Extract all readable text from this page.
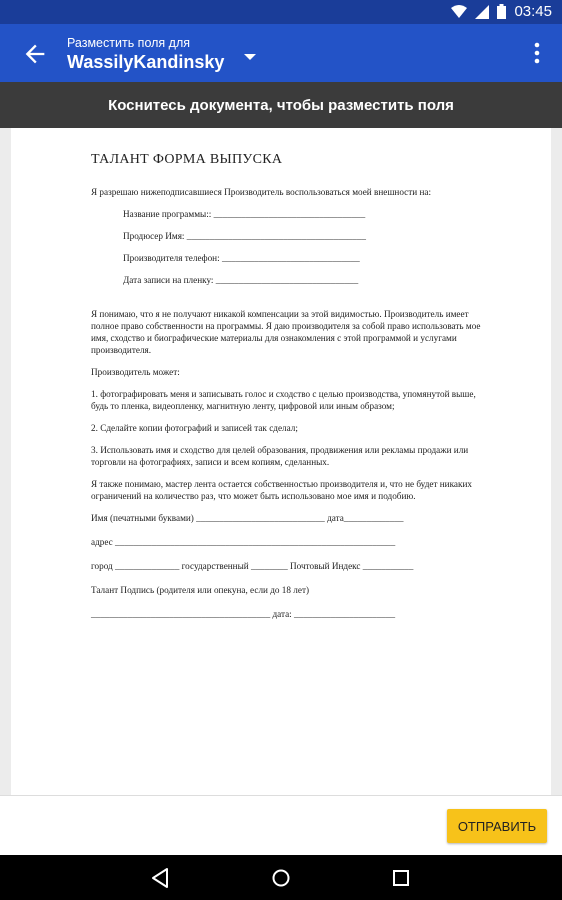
03:45
Разместить поля для
WassilyKandinsky
Коснитесь документа, чтобы разместить поля
ТАЛАНТ ФОРМА ВЫПУСКА

Я разрешаю нижеподписавшиеся Производитель воспользоваться моей внешности на:

Название программы:: _________________________________
Продюсер Имя: _______________________________________
Производителя телефон: ______________________________
Дата записи на пленку: _______________________________

Я понимаю, что я не получают никакой компенсации за этой видимостью. Производитель имеет полное право собственности на программы. Я даю производителя за собой право использовать мое имя, сходство и биографические материалы для ознакомления с этой программой и услугами производителя.

Производитель может:

1. фотографировать меня и записывать голос и сходство с целью производства, упомянутой выше, будь то пленка, видеопленку, магнитную ленту, цифровой или иным образом;

2. Сделайте копии фотографий и записей так сделал;

3. Использовать имя и сходство для целей образования, продвижения или рекламы продажи или торговли на фотографиях, записи и всем копиям, сделанных.

Я также понимаю, мастер лента остается собственностью производителя и, что не будет никаких ограничений на количество раз, что может быть использовано мое имя и подобию.

Имя (печатными буквами) ____________________________ дата_____________

адрес _____________________________________________________________

город ______________ государственный ________ Почтовый Индекс ___________

Талант Подпись (родителя или опекуна, если до 18 лет)

_______________________________________ дата: ______________________

ОТПРАВИТЬ
